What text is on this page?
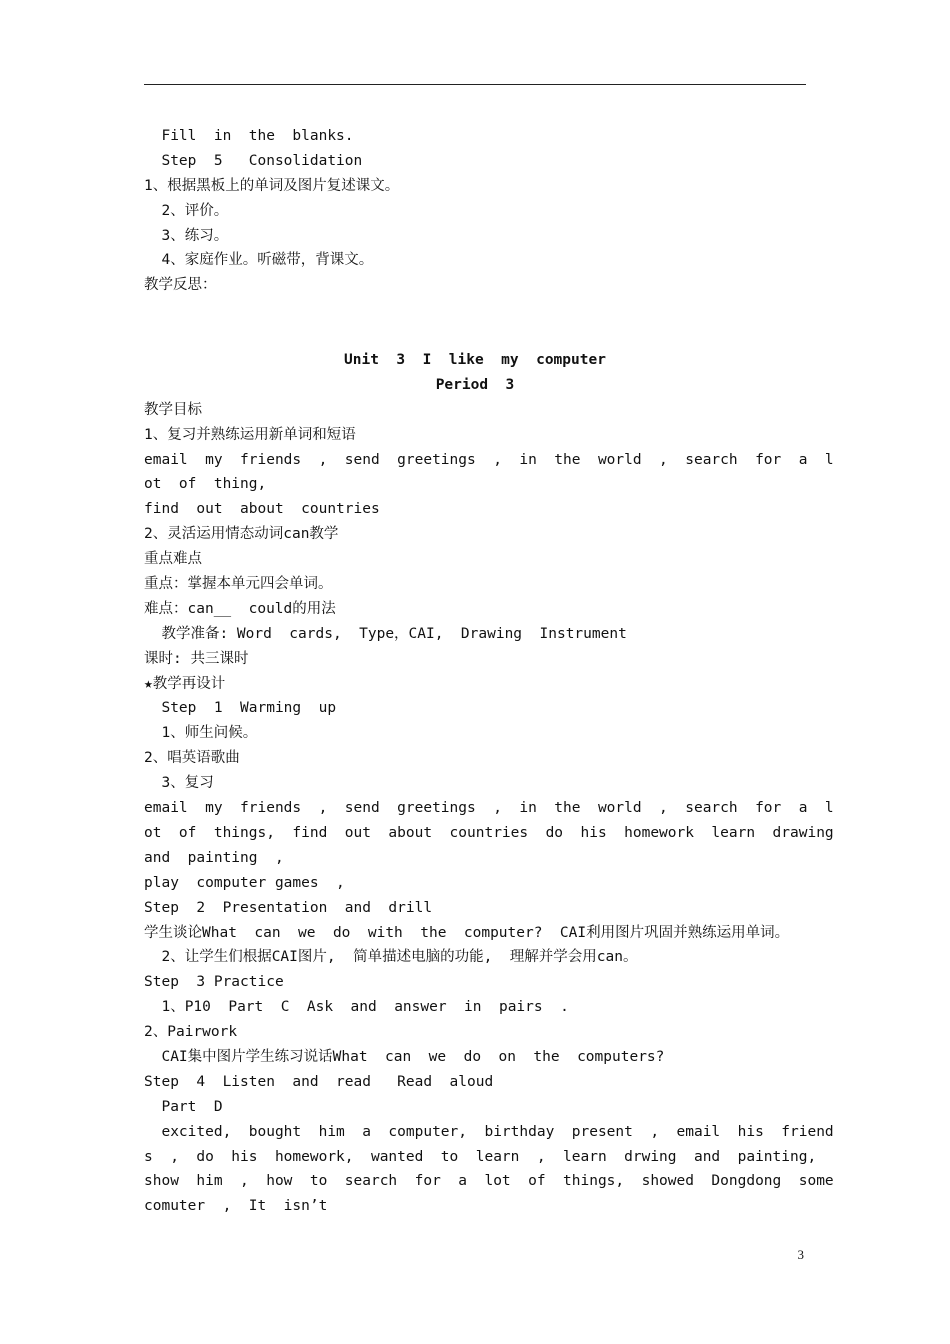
Fill  in  the  blanks.
Step  5   Consolidation
1、根据黑板上的单词及图片复述课文。
2、评价。
3、练习。
4、家庭作业。听磁带，背课文。
教学反思：
Unit  3  I  like  my  computer
Period  3
教学目标
1、复习并熟练运用新单词和短语
email  my  friends  ,  send  greetings  ,  in  the  world  ,  search  for  a  l
ot  of  thing,
find  out  about  countries
2、灵活运用情态动词can教学
重点难点
重点：掌握本单元四会单词。
难点：can__  could的用法
教学准备: Word  cards,  Type，CAI,  Drawing  Instrument
课时: 共三课时
★教学再设计
Step  1  Warming  up
1、师生问候。
2、唱英语歌曲
3、复习
email  my  friends  ,  send  greetings  ,  in  the  world  ,  search  for  a  l
ot  of  things,  find  out  about  countries  do  his  homework  learn  drawing
and  painting  ,
play  computer games  ,
Step  2  Presentation  and  drill
学生谈论What  can  we  do  with  the  computer?  CAI利用图片巩固并熟练运用单词。
2、让学生们根据CAI图片,  简单描述电脑的功能,  理解并学会用can。
Step  3 Practice
1、P10  Part  C  Ask  and  answer  in  pairs  .
2、Pairwork
CAI集中图片学生练习说话What  can  we  do  on  the  computers?
Step  4  Listen  and  read   Read  aloud
Part  D
excited,  bought  him  a  computer,  birthday  present  ,  email  his  friend
s  ,  do  his  homework,  wanted  to  learn  ,  learn  drwing  and  painting,
show  him  ,  how  to  search  for  a  lot  of  things,  showed  Dongdong  some
comuter  ,  It  isn’t
3
